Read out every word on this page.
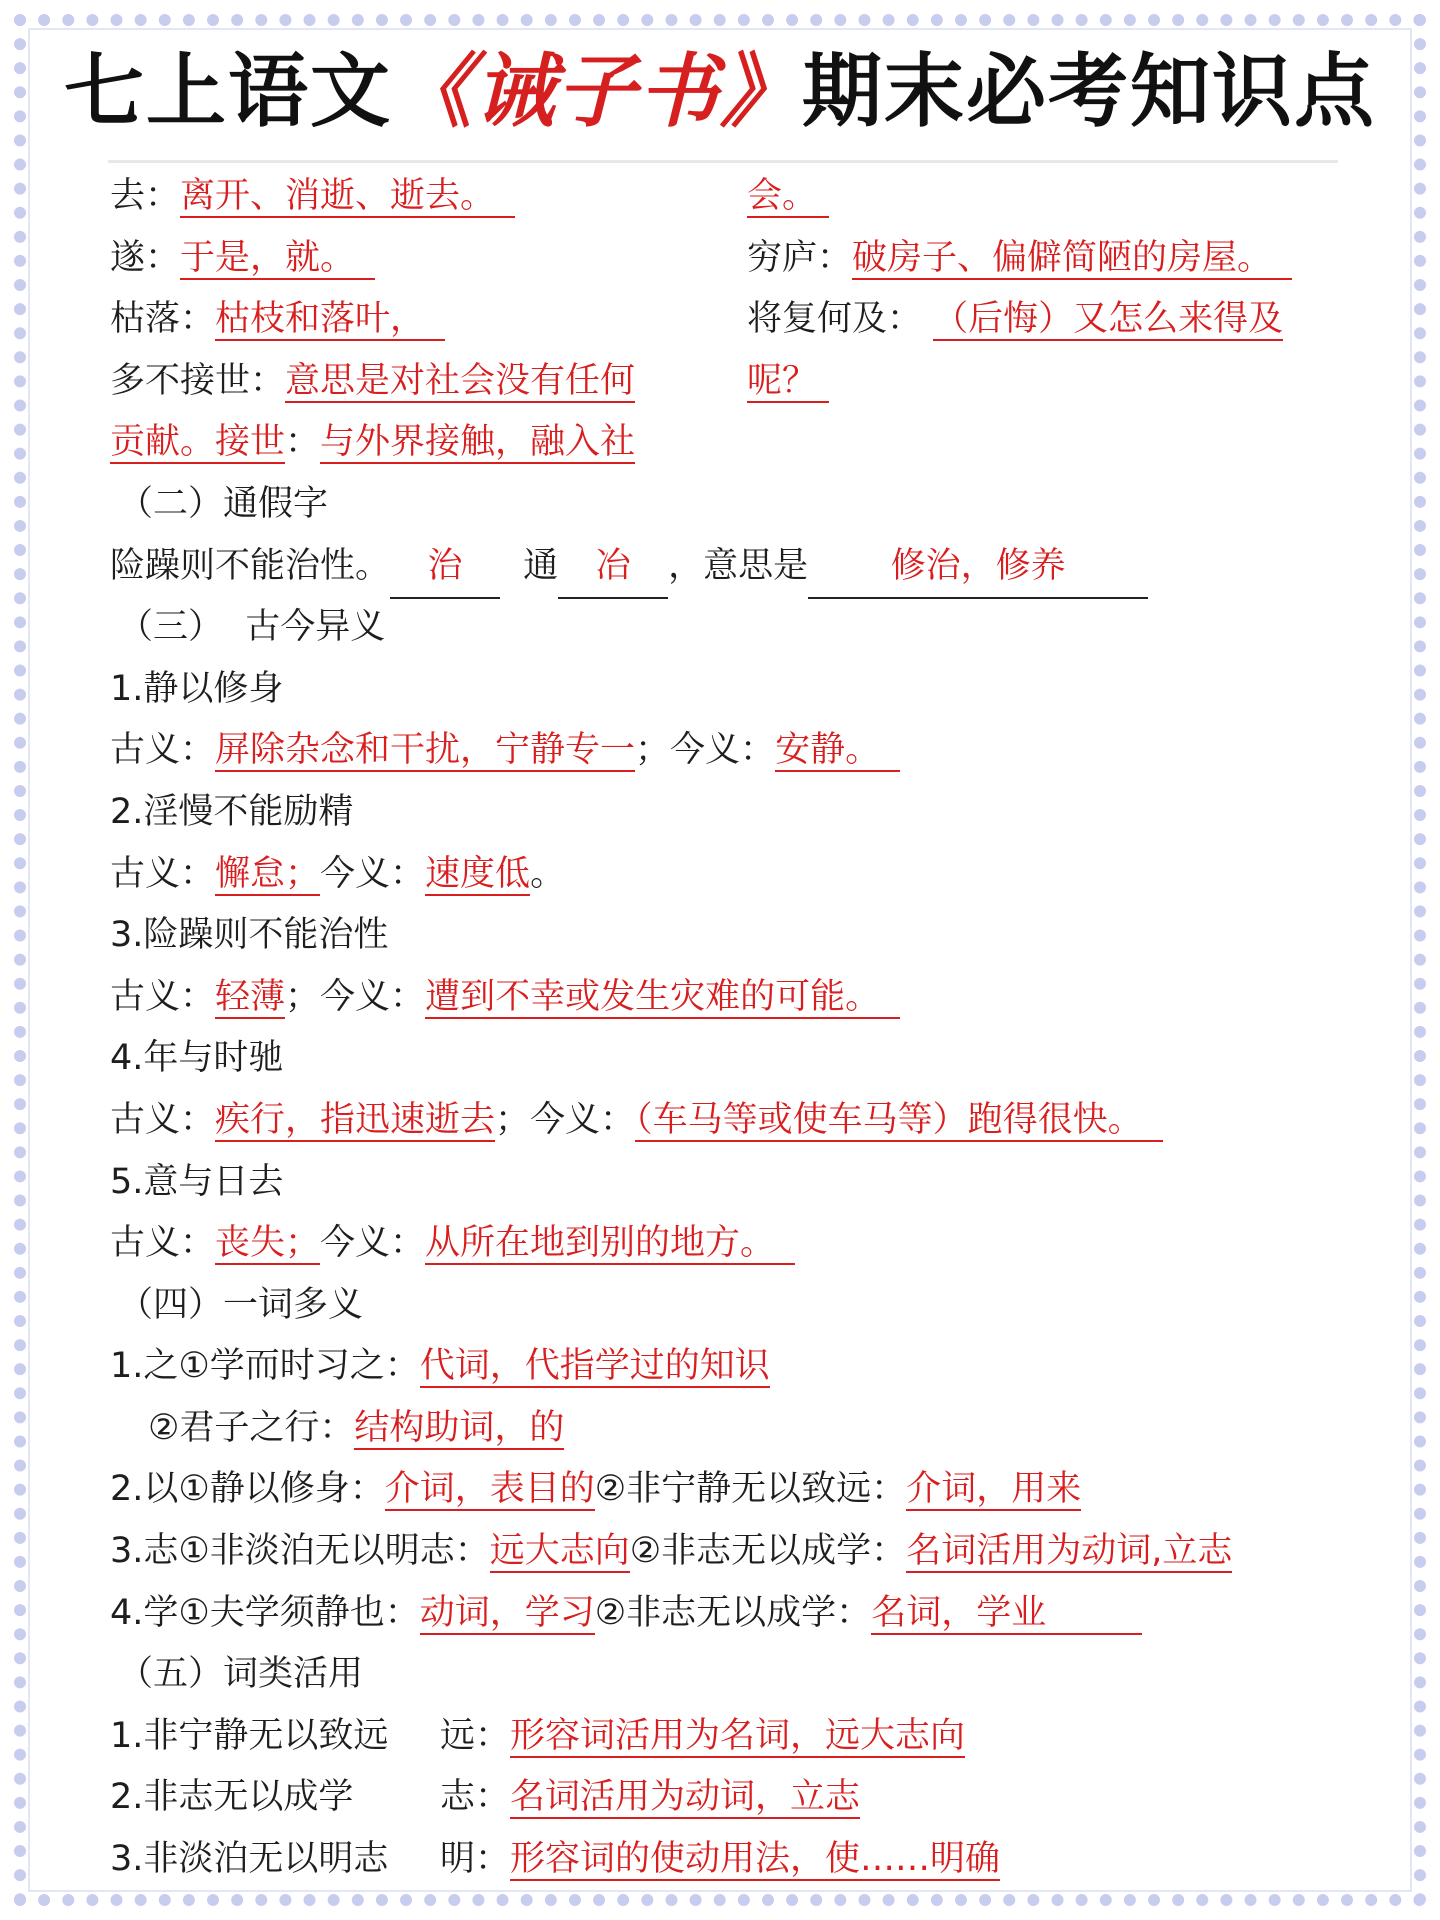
七上语文《诫子书》期末必考知识点
去：离开、消逝、逝去。	会。
遂：于是，就。	穷庐：破房子、偏僻简陋的房屋。
枯落：枯枝和落叶，	将复何及： （后悔）又怎么来得及
多不接世：意思是对社会没有任何	呢？
贡献。接世：与外界接触，融入社
（二）通假字
险躁则不能治性。 治 通 冶 ，意思是 修治，修养
（三）  古今异义
1.静以修身
古义：屏除杂念和干扰，宁静专一；今义：安静。
2.淫慢不能励精
古义：懈怠；今义：速度低。
3.险躁则不能治性
古义：轻薄；今义：遭到不幸或发生灾难的可能。
4.年与时驰
古义：疾行，指迅速逝去；今义：（车马等或使车马等）跑得很快。
5.意与日去
古义：丧失；今义：从所在地到别的地方。
（四）一词多义
1.之①学而时习之：代词，代指学过的知识
②君子之行：结构助词，的
2.以①静以修身：介词，表目的②非宁静无以致远：介词，用来
3.志①非淡泊无以明志：远大志向②非志无以成学：名词活用为动词,立志
4.学①夫学须静也：动词，学习②非志无以成学：名词，学业
（五）词类活用
1.非宁静无以致远 远：形容词活用为名词，远大志向
2.非志无以成学 志：名词活用为动词，立志
3.非淡泊无以明志 明：形容词的使动用法，使……明确
